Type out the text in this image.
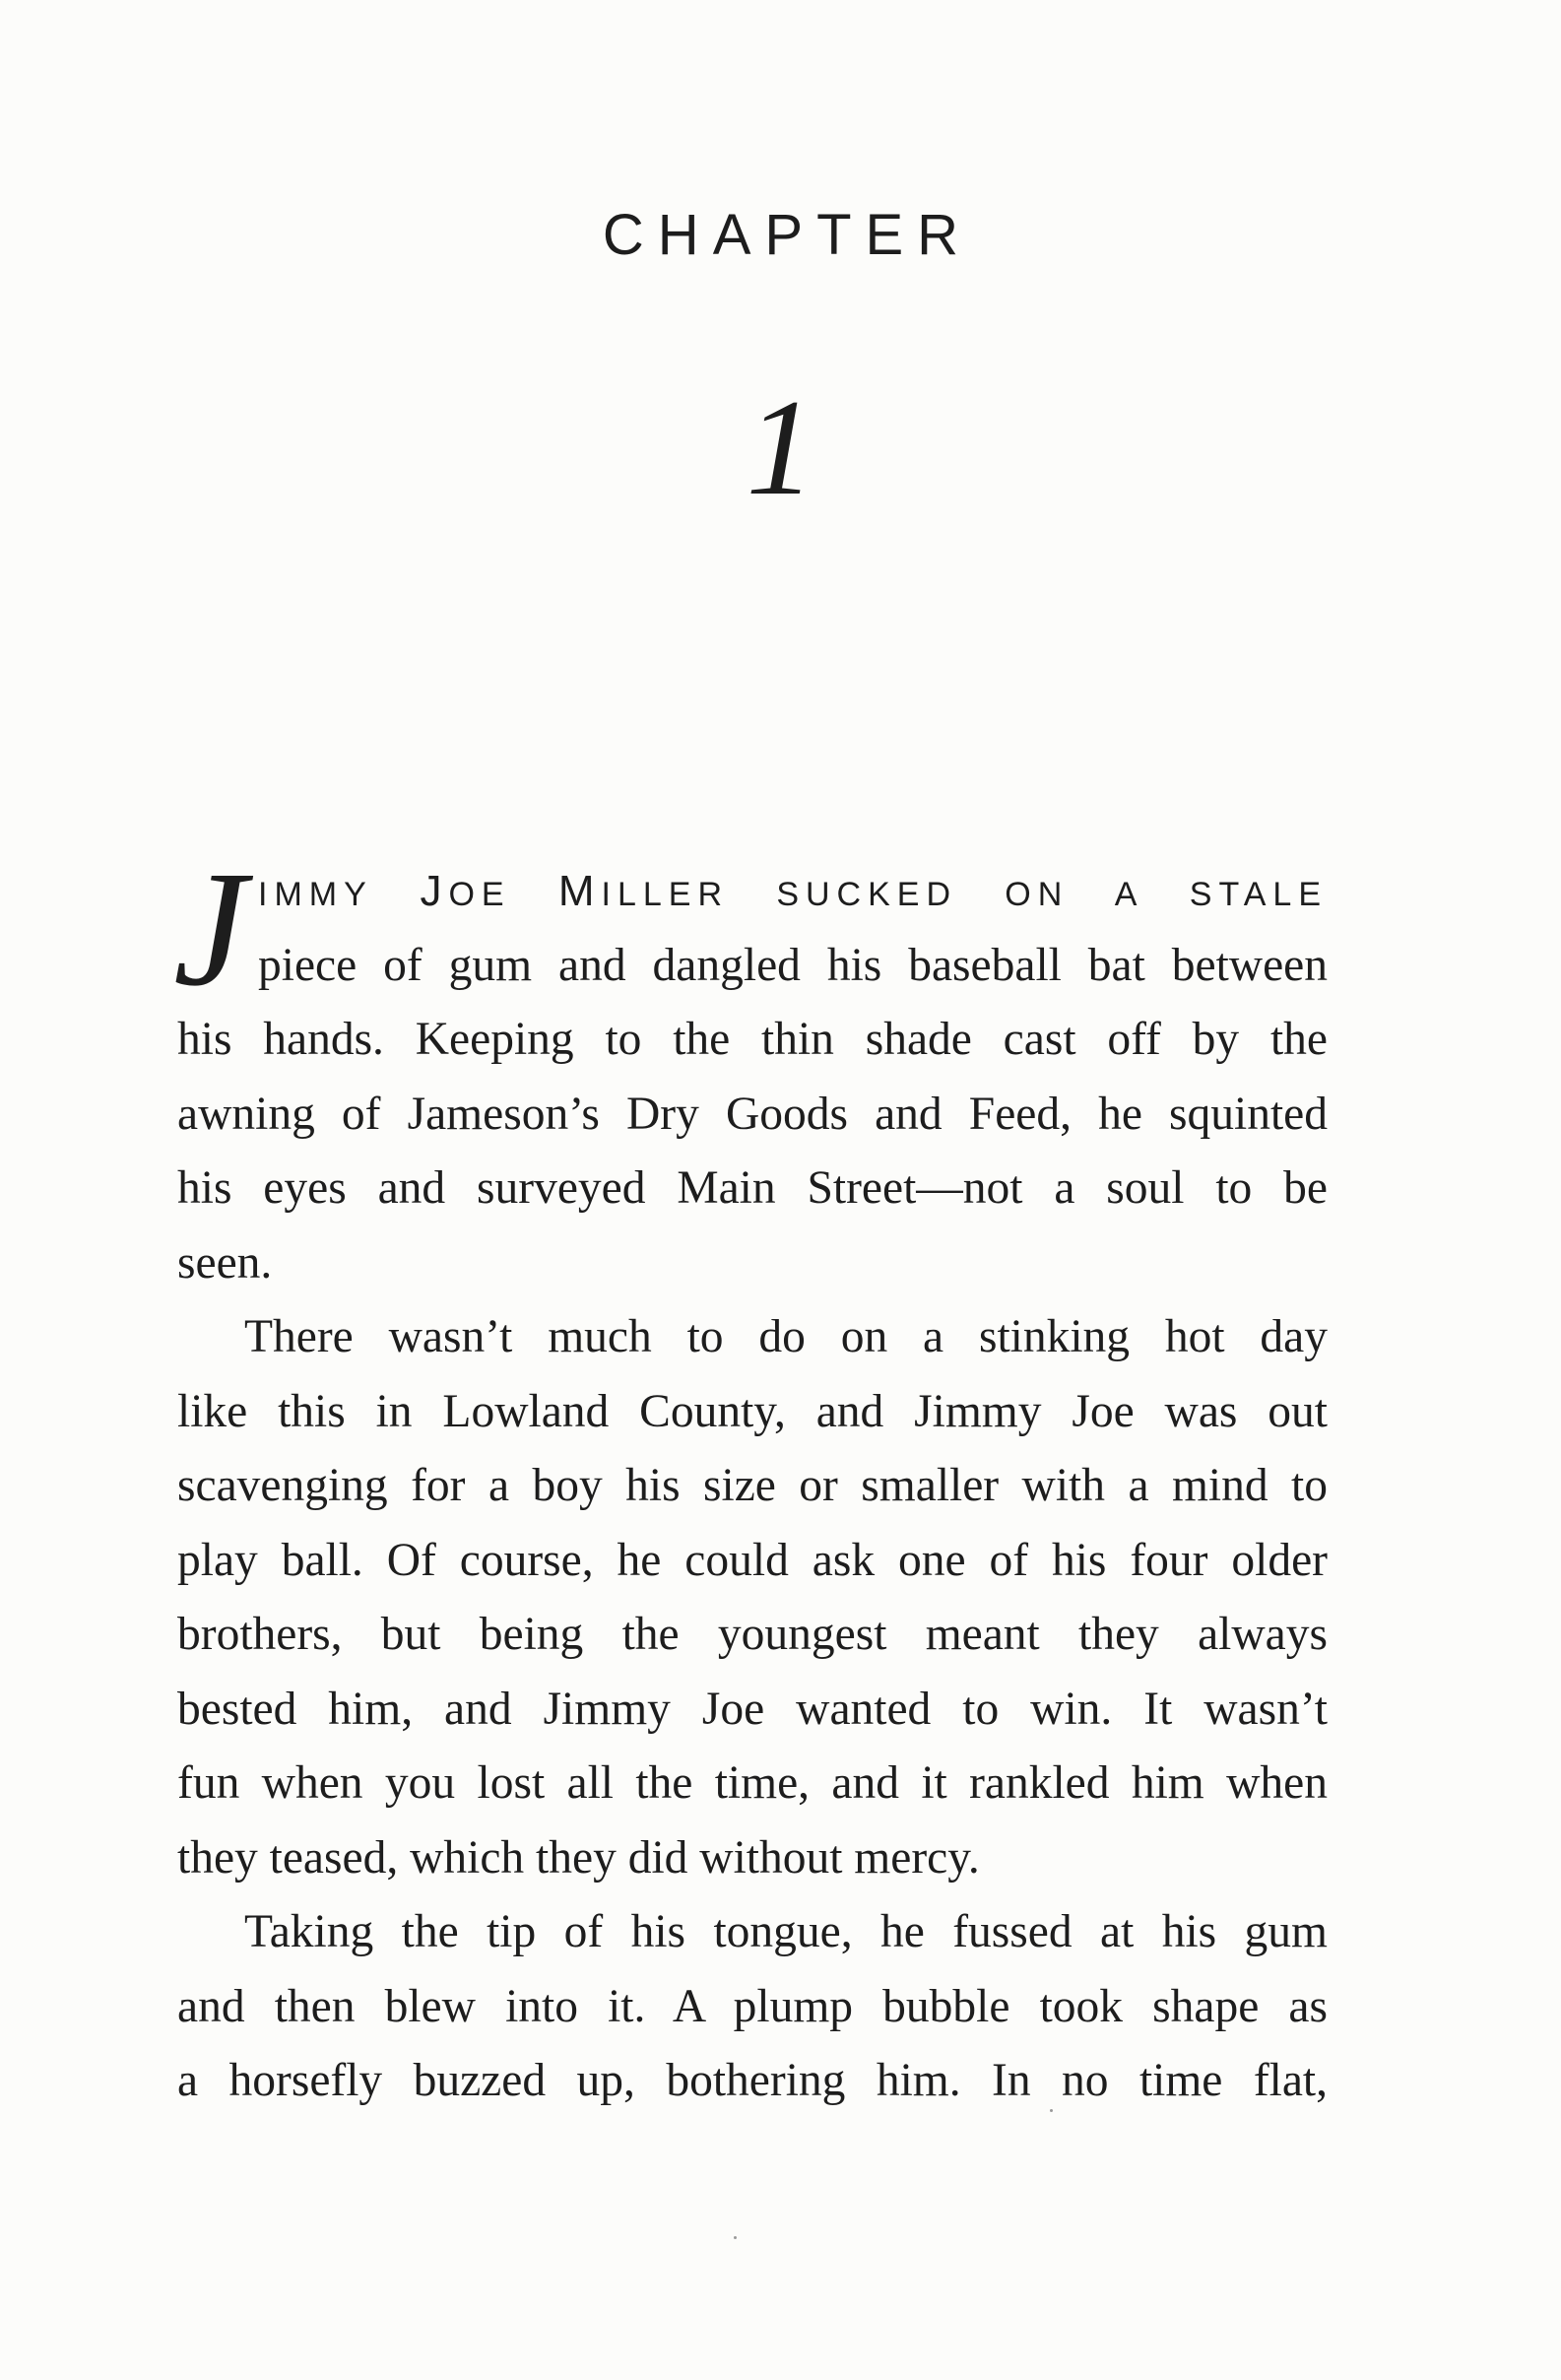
CHAPTER
1
J IMMY JOE MILLER SUCKED ON A STALE
piece of gum and dangled his baseball bat between
his hands. Keeping to the thin shade cast off by the
awning of Jameson’s Dry Goods and Feed, he squinted
his eyes and surveyed Main Street—not a soul to be
seen.
There wasn’t much to do on a stinking hot day
like this in Lowland County, and Jimmy Joe was out
scavenging for a boy his size or smaller with a mind to
play ball. Of course, he could ask one of his four older
brothers, but being the youngest meant they always
bested him, and Jimmy Joe wanted to win. It wasn’t
fun when you lost all the time, and it rankled him when
they teased, which they did without mercy.
Taking the tip of his tongue, he fussed at his gum
and then blew into it. A plump bubble took shape as
a horsefly buzzed up, bothering him. In no time flat,
